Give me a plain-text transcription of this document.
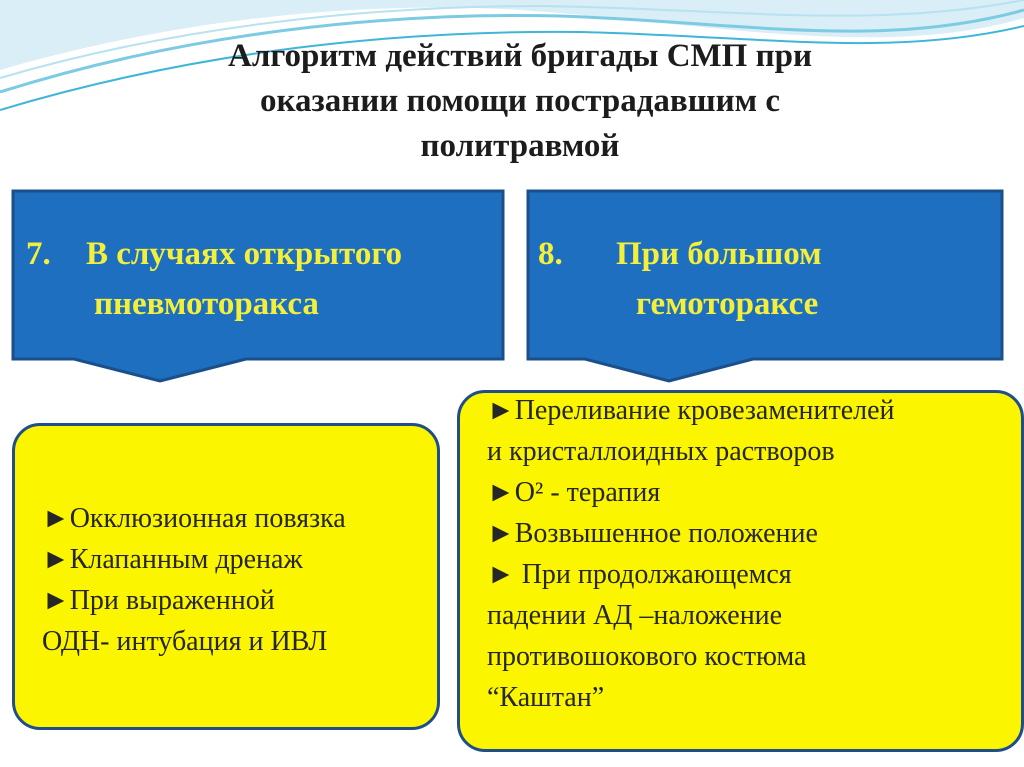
Алгоритм действий бригады СМП при
оказании помощи пострадавшим с
политравмой
7. В случаях открытого
пневмоторакса
8. При большом
гемотораксе
►Окклюзионная повязка
►Клапанным дренаж
►При выраженной
ОДН- интубация и ИВЛ
►Переливание кровезаменителей
и кристаллоидных растворов
►О² - терапия
►Возвышенное положение
► При продолжающемся
падении АД –наложение
противошокового костюма
“Каштан”
